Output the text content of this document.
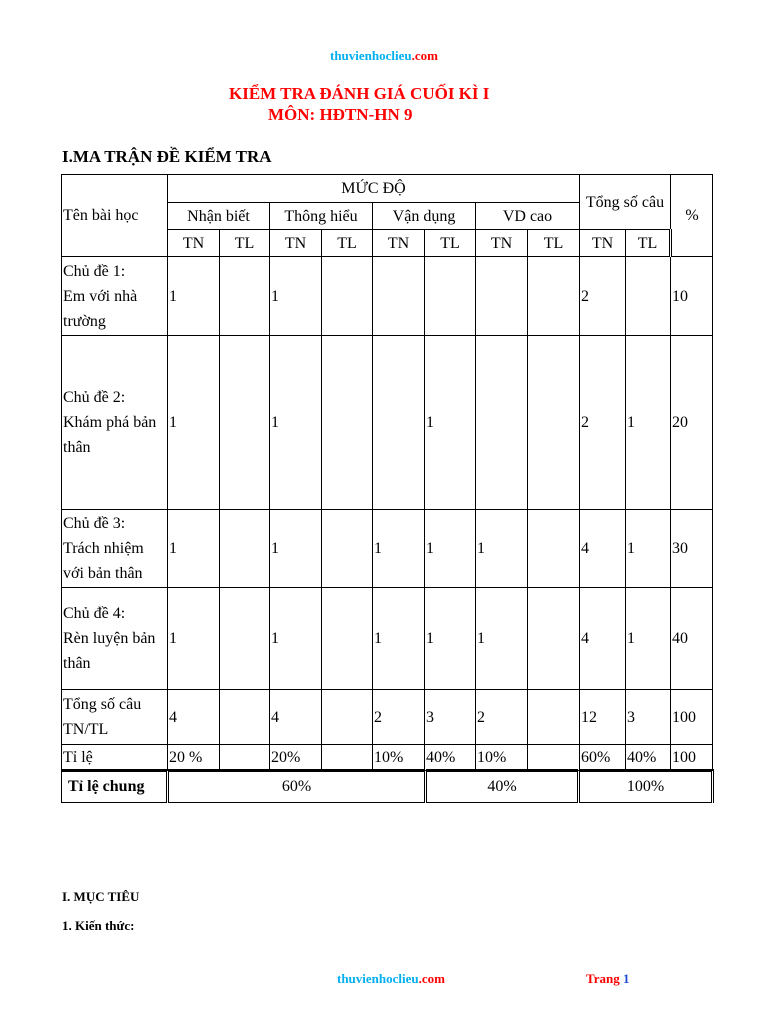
thuvienhoclieu.com
KIỂM TRA ĐÁNH GIÁ CUỐI KÌ I
MÔN: HĐTN-HN 9
I.MA TRẬN ĐỀ KIỂM TRA
Tên bài học	MỨC ĐỘ								Tổng số câu		%
	Nhận biết		Thông hiểu		Vận dụng		VD cao				
	TN	TL	TN	TL	TN	TL	TN	TL	TN	TL	
Chủ đề 1:
Em với nhà
trường	1		1						2		10
Chủ đề 2:
Khám phá bản
thân	1		1			1			2	1	20
Chủ đề 3:
Trách nhiệm
với bản thân	1		1		1	1	1		4	1	30
Chủ đề 4:
Rèn luyện bản
thân	1		1		1	1	1		4	1	40
Tổng số câu
TN/TL	4		4		2	3	2		12	3	100
Tỉ lệ	20 %		20%		10%	40%	10%		60%	40%	100
Tỉ lệ chung	60%	40%	100%
I. MỤC TIÊU
1. Kiến thức:
thuvienhoclieu.com	Trang 1
